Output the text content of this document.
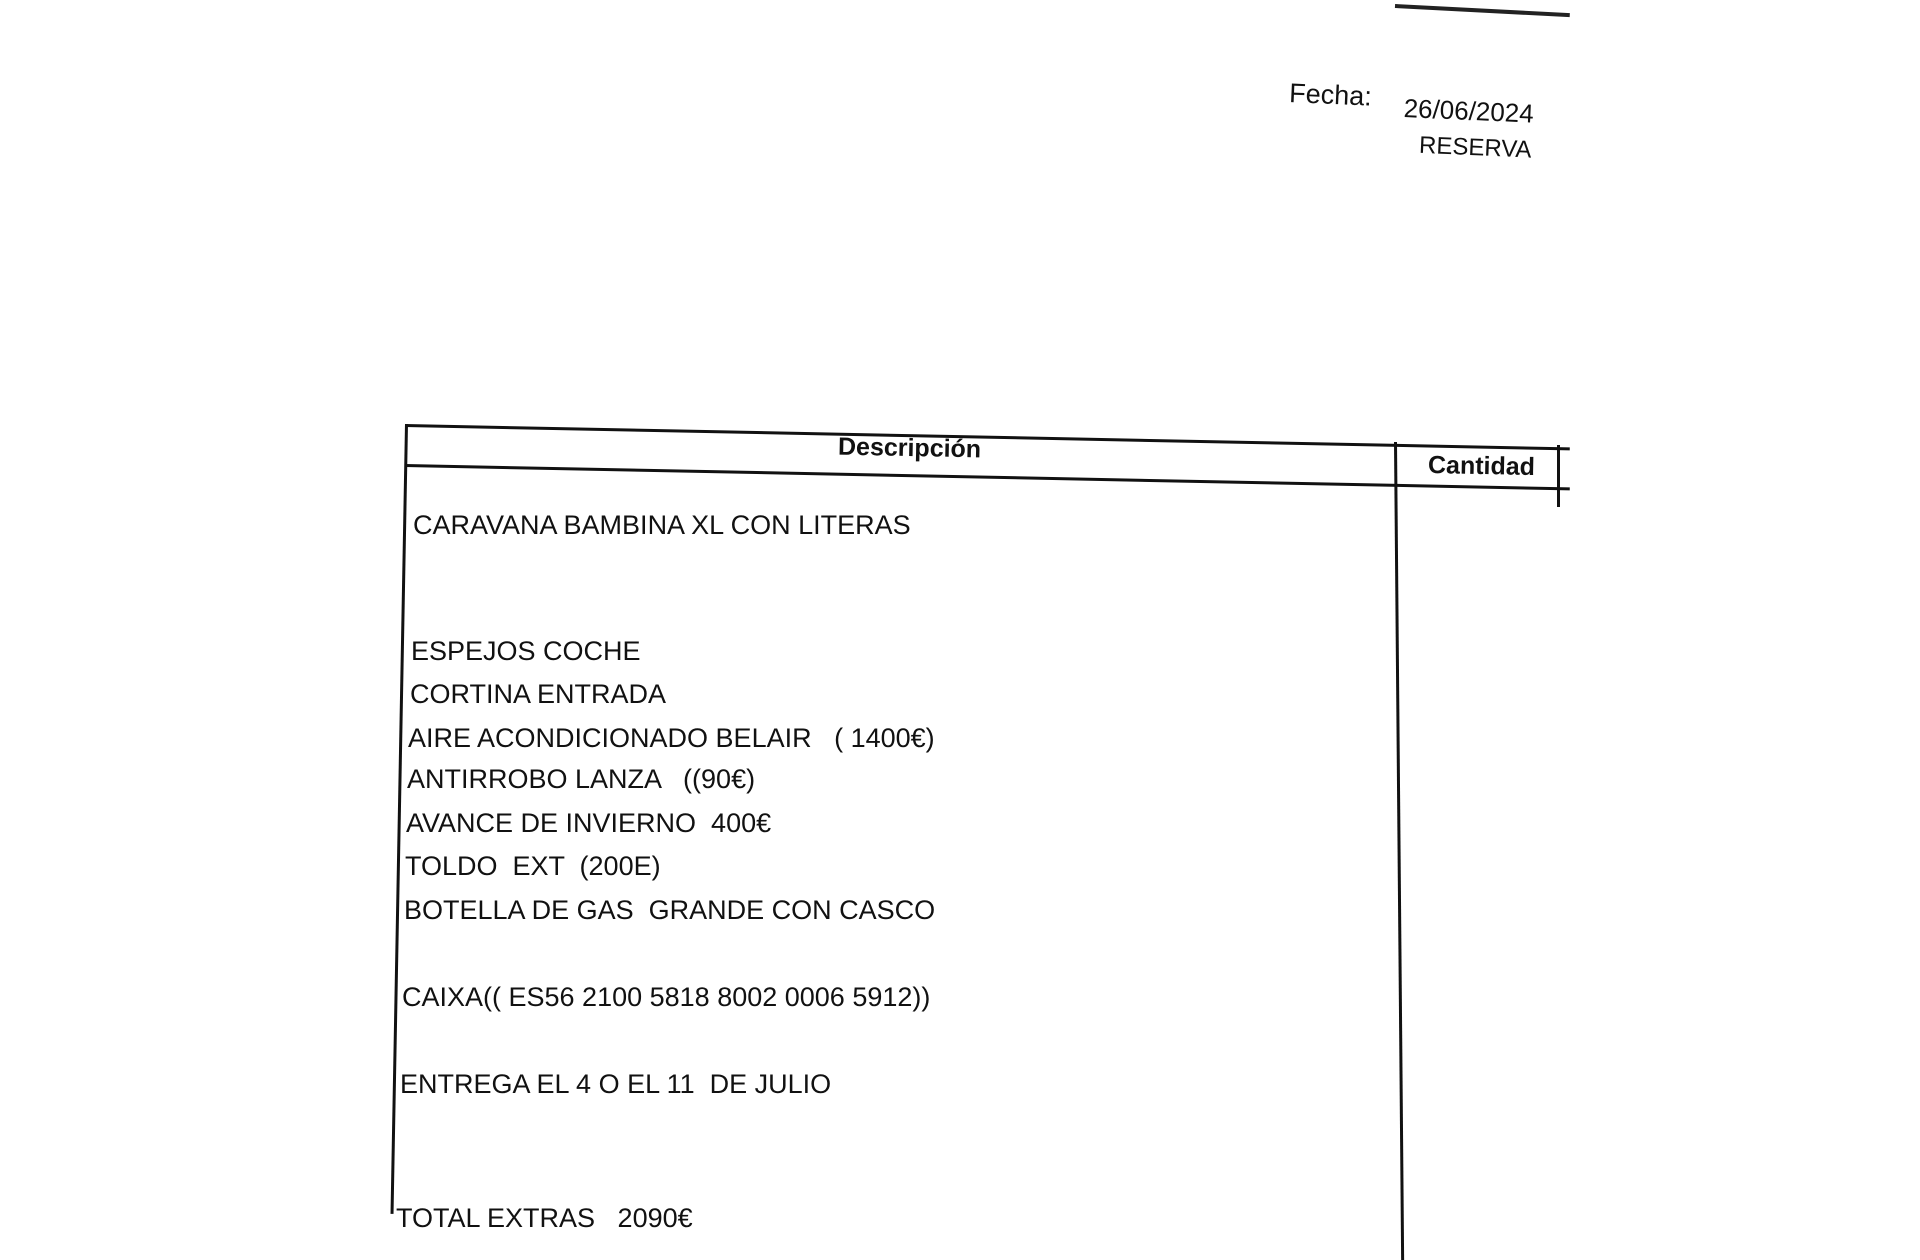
Fecha: 26/06/2024
RESERVA
Descripción
Cantidad
CARAVANA BAMBINA XL CON LITERAS
ESPEJOS COCHE
CORTINA ENTRADA
AIRE ACONDICIONADO BELAIR   ( 1400€)
ANTIRROBO LANZA   ((90€)
AVANCE DE INVIERNO  400€
TOLDO  EXT  (200E)
BOTELLA DE GAS  GRANDE CON CASCO
CAIXA(( ES56 2100 5818 8002 0006 5912))
ENTREGA EL 4 O EL 11  DE JULIO
TOTAL EXTRAS   2090€
